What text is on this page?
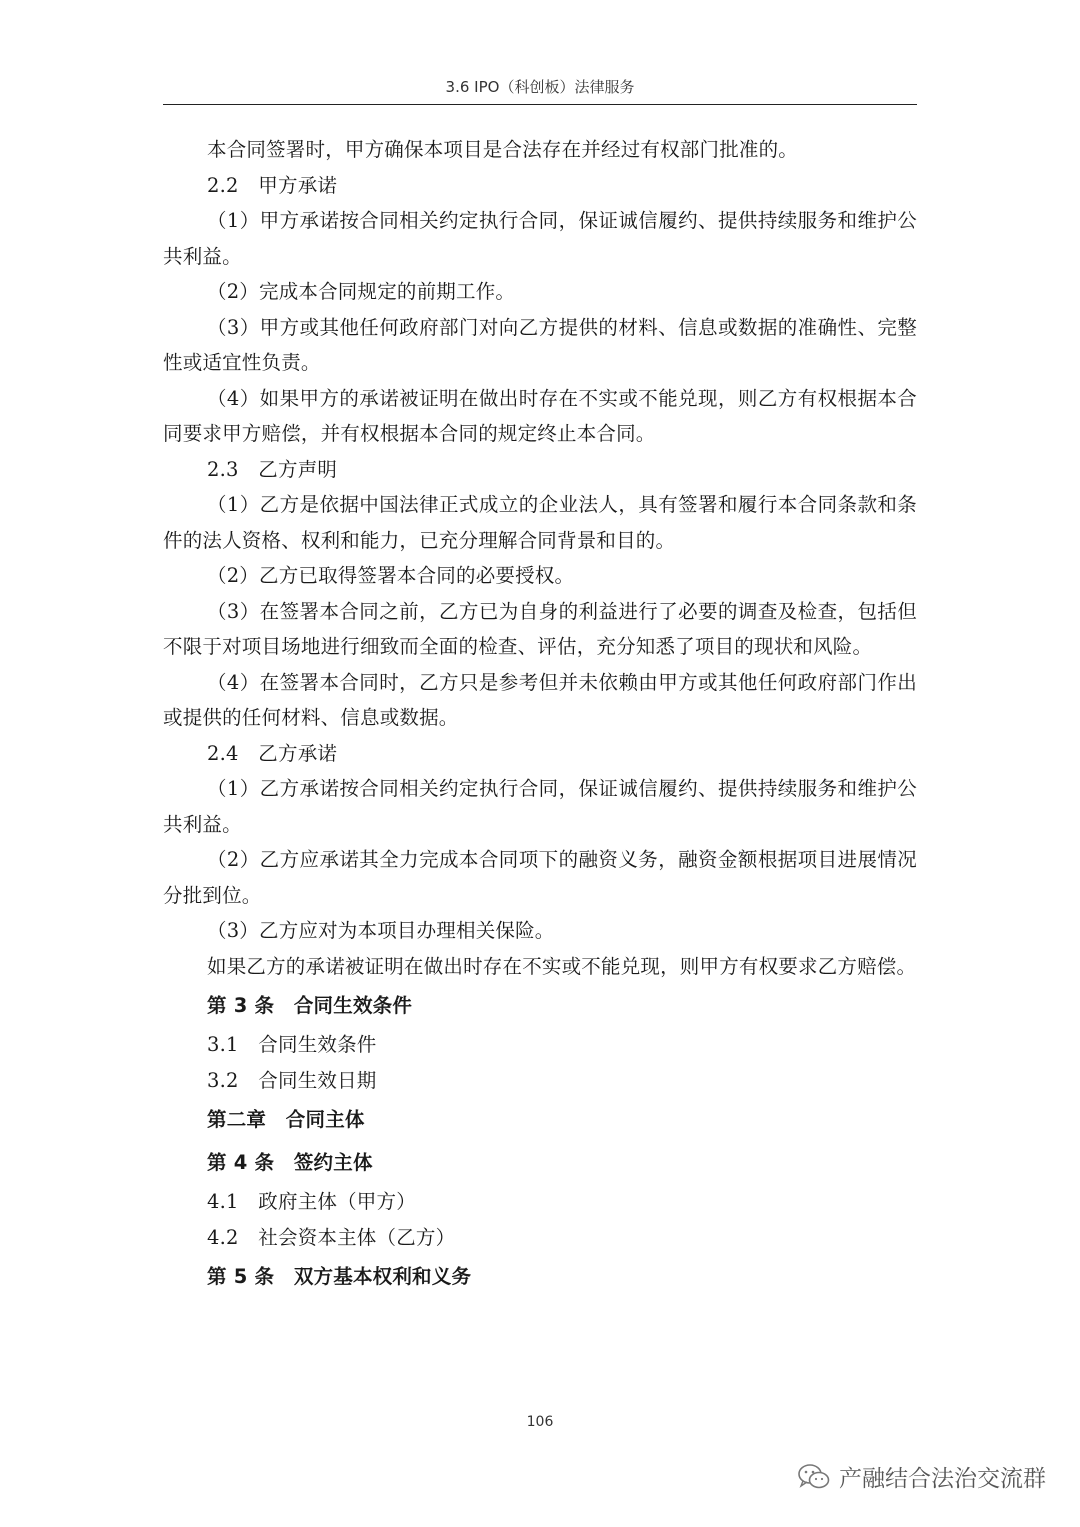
3.6 IPO（科创板）法律服务

本合同签署时，甲方确保本项目是合法存在并经过有权部门批准的。

2.2　甲方承诺

（1）甲方承诺按合同相关约定执行合同，保证诚信履约、提供持续服务和维护公共利益。

（2）完成本合同规定的前期工作。

（3）甲方或其他任何政府部门对向乙方提供的材料、信息或数据的准确性、完整性或适宜性负责。

（4）如果甲方的承诺被证明在做出时存在不实或不能兑现，则乙方有权根据本合同要求甲方赔偿，并有权根据本合同的规定终止本合同。

2.3　乙方声明

（1）乙方是依据中国法律正式成立的企业法人，具有签署和履行本合同条款和条件的法人资格、权利和能力，已充分理解合同背景和目的。

（2）乙方已取得签署本合同的必要授权。

（3）在签署本合同之前，乙方已为自身的利益进行了必要的调查及检查，包括但不限于对项目场地进行细致而全面的检查、评估，充分知悉了项目的现状和风险。

（4）在签署本合同时，乙方只是参考但并未依赖由甲方或其他任何政府部门作出或提供的任何材料、信息或数据。

2.4　乙方承诺

（1）乙方承诺按合同相关约定执行合同，保证诚信履约、提供持续服务和维护公共利益。

（2）乙方应承诺其全力完成本合同项下的融资义务，融资金额根据项目进展情况分批到位。

（3）乙方应对为本项目办理相关保险。

如果乙方的承诺被证明在做出时存在不实或不能兑现，则甲方有权要求乙方赔偿。

第 3 条　合同生效条件

3.1　合同生效条件

3.2　合同生效日期

第二章　合同主体

第 4 条　签约主体

4.1　政府主体（甲方）

4.2　社会资本主体（乙方）

第 5 条　双方基本权利和义务

106
产融结合法治交流群
